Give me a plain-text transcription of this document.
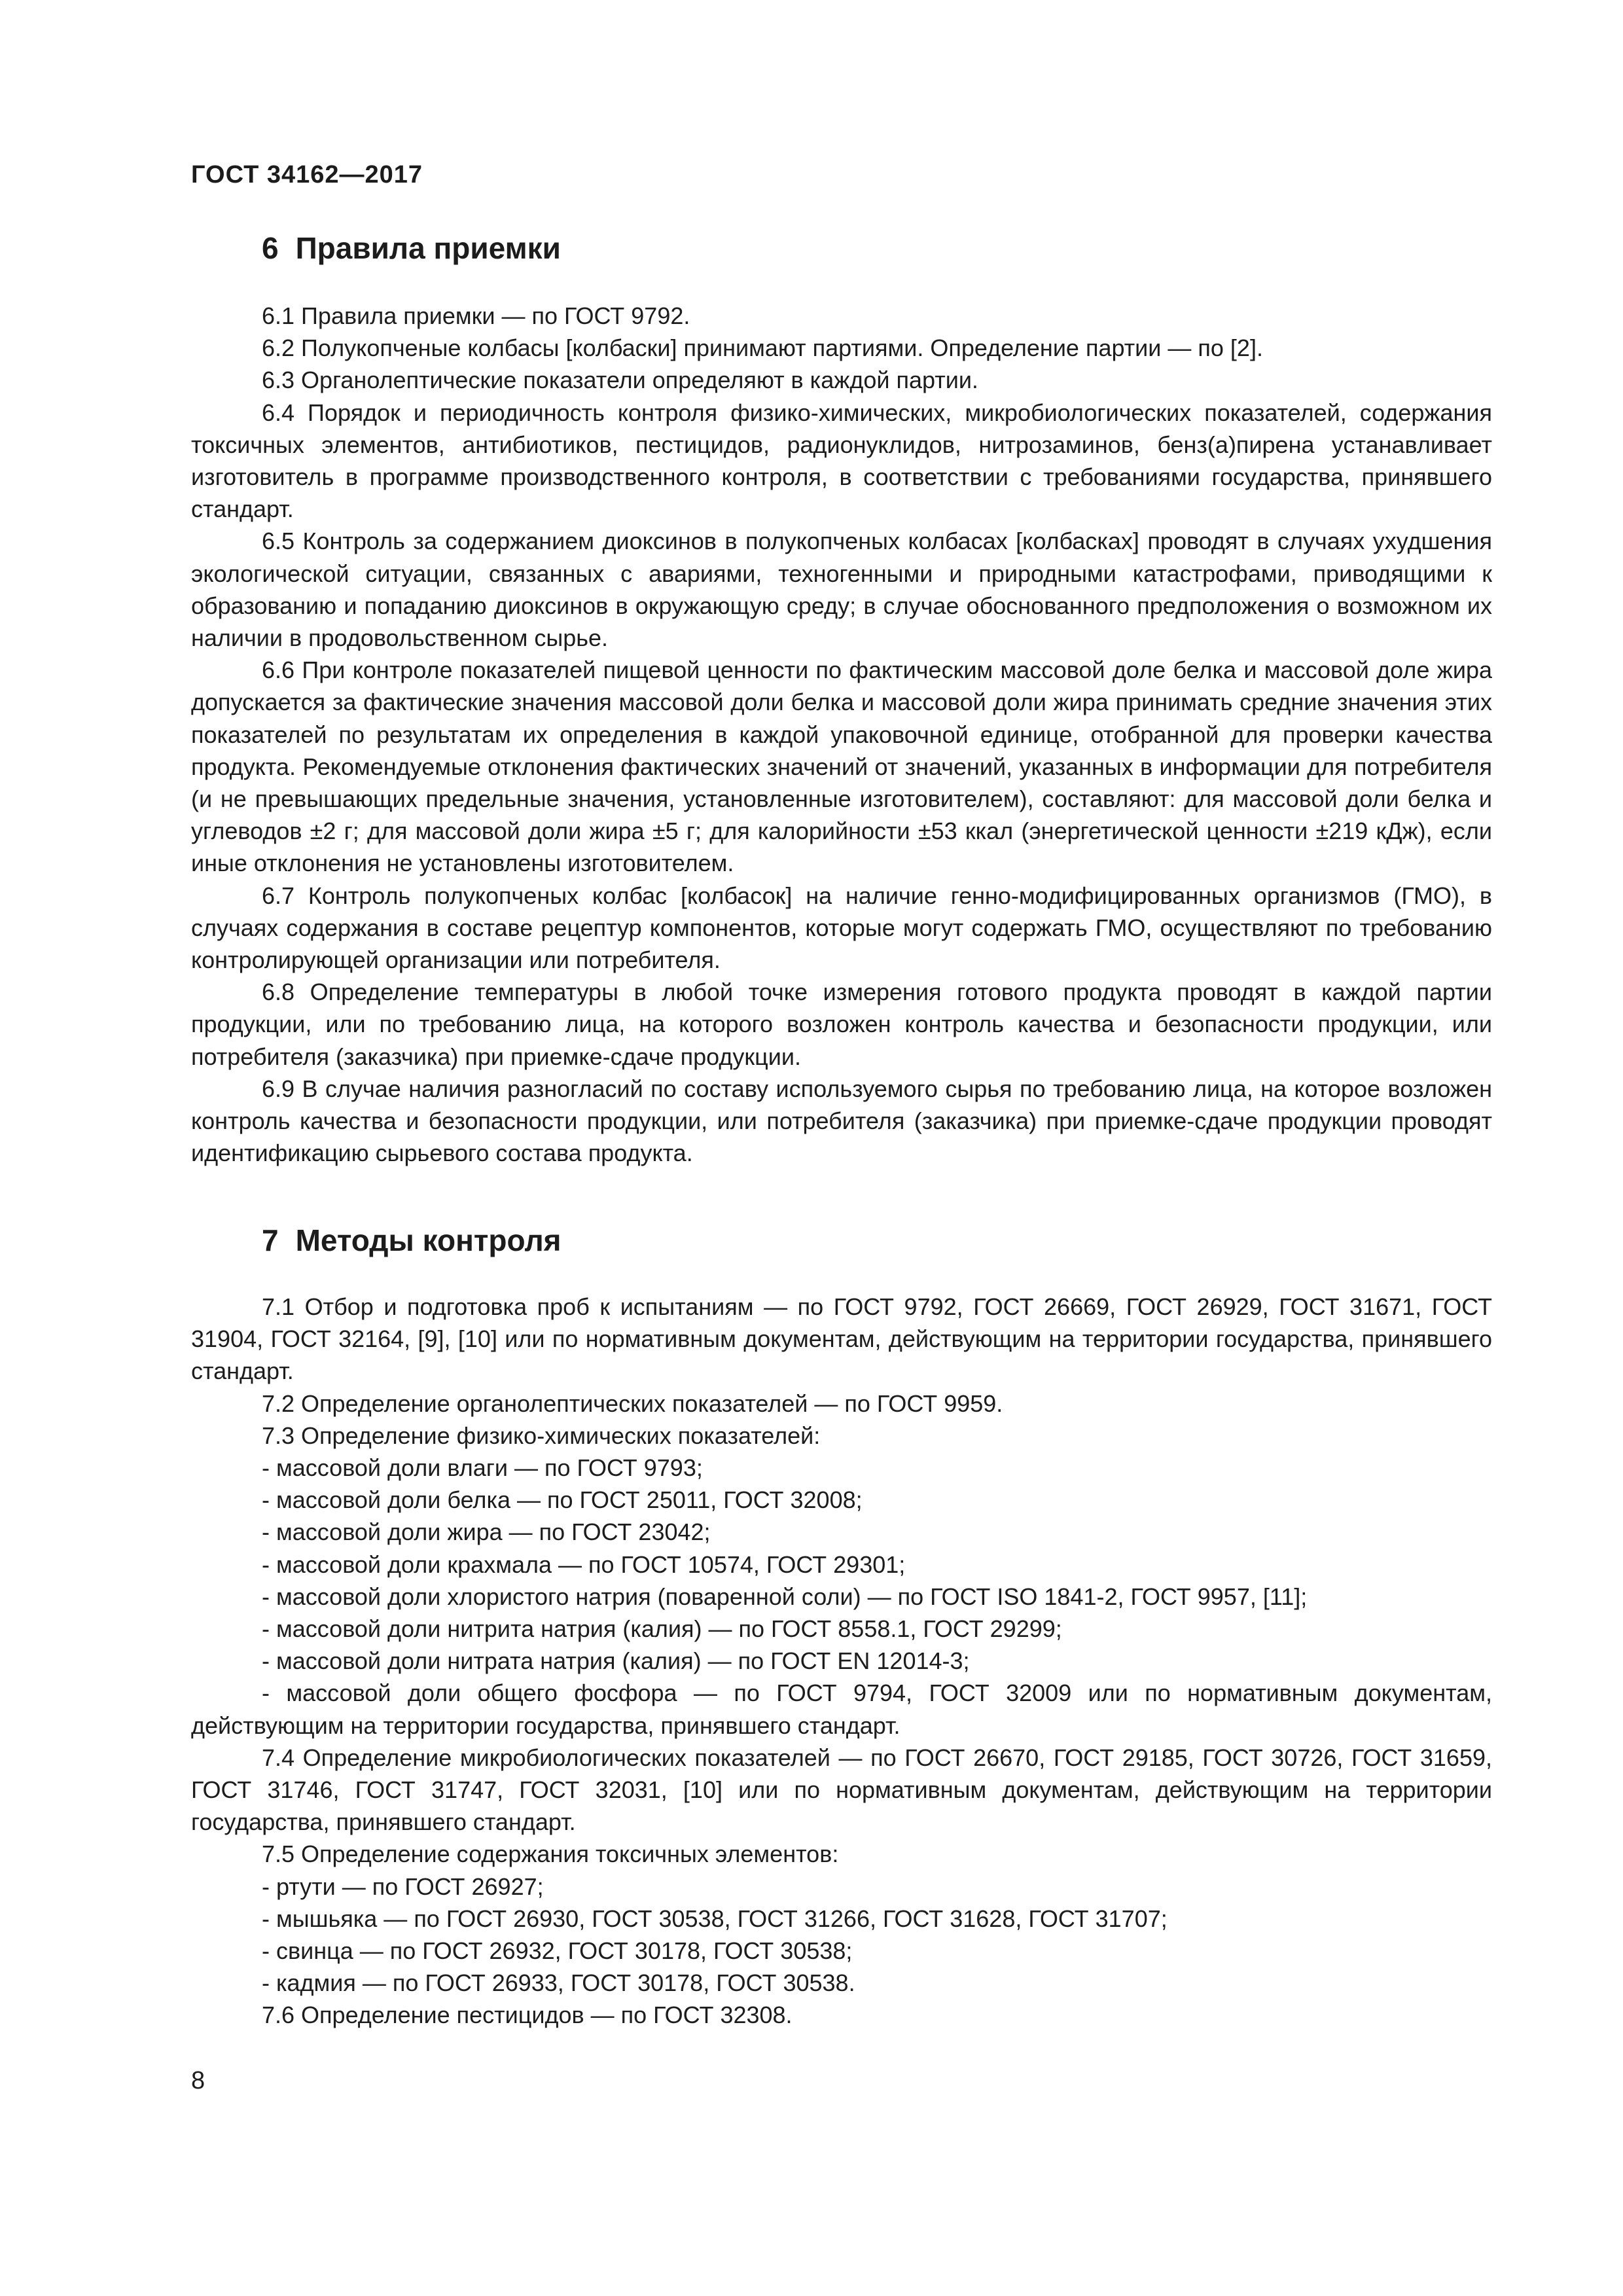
ГОСТ 34162—2017
6 Правила приемки

6.1 Правила приемки — по ГОСТ 9792.

6.2 Полукопченые колбасы [колбаски] принимают партиями. Определение партии — по [2].

6.3 Органолептические показатели определяют в каждой партии.

6.4 Порядок и периодичность контроля физико-химических, микробиологических показателей, содержания токсичных элементов, антибиотиков, пестицидов, радионуклидов, нитрозаминов, бенз(а)пирена устанавливает изготовитель в программе производственного контроля, в соответствии с требованиями государства, принявшего стандарт.

6.5 Контроль за содержанием диоксинов в полукопченых колбасах [колбасках] проводят в случаях ухудшения экологической ситуации, связанных с авариями, техногенными и природными катастрофами, приводящими к образованию и попаданию диоксинов в окружающую среду; в случае обоснованного предположения о возможном их наличии в продовольственном сырье.

6.6 При контроле показателей пищевой ценности по фактическим массовой доле белка и массовой доле жира допускается за фактические значения массовой доли белка и массовой доли жира принимать средние значения этих показателей по результатам их определения в каждой упаковочной единице, отобранной для проверки качества продукта. Рекомендуемые отклонения фактических значений от значений, указанных в информации для потребителя (и не превышающих предельные значения, установленные изготовителем), составляют: для массовой доли белка и углеводов ±2 г; для массовой доли жира ±5 г; для калорийности ±53 ккал (энергетической ценности ±219 кДж), если иные отклонения не установлены изготовителем.

6.7 Контроль полукопченых колбас [колбасок] на наличие генно-модифицированных организмов (ГМО), в случаях содержания в составе рецептур компонентов, которые могут содержать ГМО, осуществляют по требованию контролирующей организации или потребителя.

6.8 Определение температуры в любой точке измерения готового продукта проводят в каждой партии продукции, или по требованию лица, на которого возложен контроль качества и безопасности продукции, или потребителя (заказчика) при приемке-сдаче продукции.

6.9 В случае наличия разногласий по составу используемого сырья по требованию лица, на которое возложен контроль качества и безопасности продукции, или потребителя (заказчика) при приемке-сдаче продукции проводят идентификацию сырьевого состава продукта.

7 Методы контроля

7.1 Отбор и подготовка проб к испытаниям — по ГОСТ 9792, ГОСТ 26669, ГОСТ 26929, ГОСТ 31671, ГОСТ 31904, ГОСТ 32164, [9], [10] или по нормативным документам, действующим на территории государства, принявшего стандарт.

7.2 Определение органолептических показателей — по ГОСТ 9959.

7.3 Определение физико-химических показателей:

- массовой доли влаги — по ГОСТ 9793;

- массовой доли белка — по ГОСТ 25011, ГОСТ 32008;

- массовой доли жира — по ГОСТ 23042;

- массовой доли крахмала — по ГОСТ 10574, ГОСТ 29301;

- массовой доли хлористого натрия (поваренной соли) — по ГОСТ ISO 1841-2, ГОСТ 9957, [11];

- массовой доли нитрита натрия (калия) — по ГОСТ 8558.1, ГОСТ 29299;

- массовой доли нитрата натрия (калия) — по ГОСТ EN 12014-3;

- массовой доли общего фосфора — по ГОСТ 9794, ГОСТ 32009 или по нормативным документам, действующим на территории государства, принявшего стандарт.

7.4 Определение микробиологических показателей — по ГОСТ 26670, ГОСТ 29185, ГОСТ 30726, ГОСТ 31659, ГОСТ 31746, ГОСТ 31747, ГОСТ 32031, [10] или по нормативным документам, действующим на территории государства, принявшего стандарт.

7.5 Определение содержания токсичных элементов:

- ртути — по ГОСТ 26927;

- мышьяка — по ГОСТ 26930, ГОСТ 30538, ГОСТ 31266, ГОСТ 31628, ГОСТ 31707;

- свинца — по ГОСТ 26932, ГОСТ 30178, ГОСТ 30538;

- кадмия — по ГОСТ 26933, ГОСТ 30178, ГОСТ 30538.

7.6 Определение пестицидов — по ГОСТ 32308.

8
